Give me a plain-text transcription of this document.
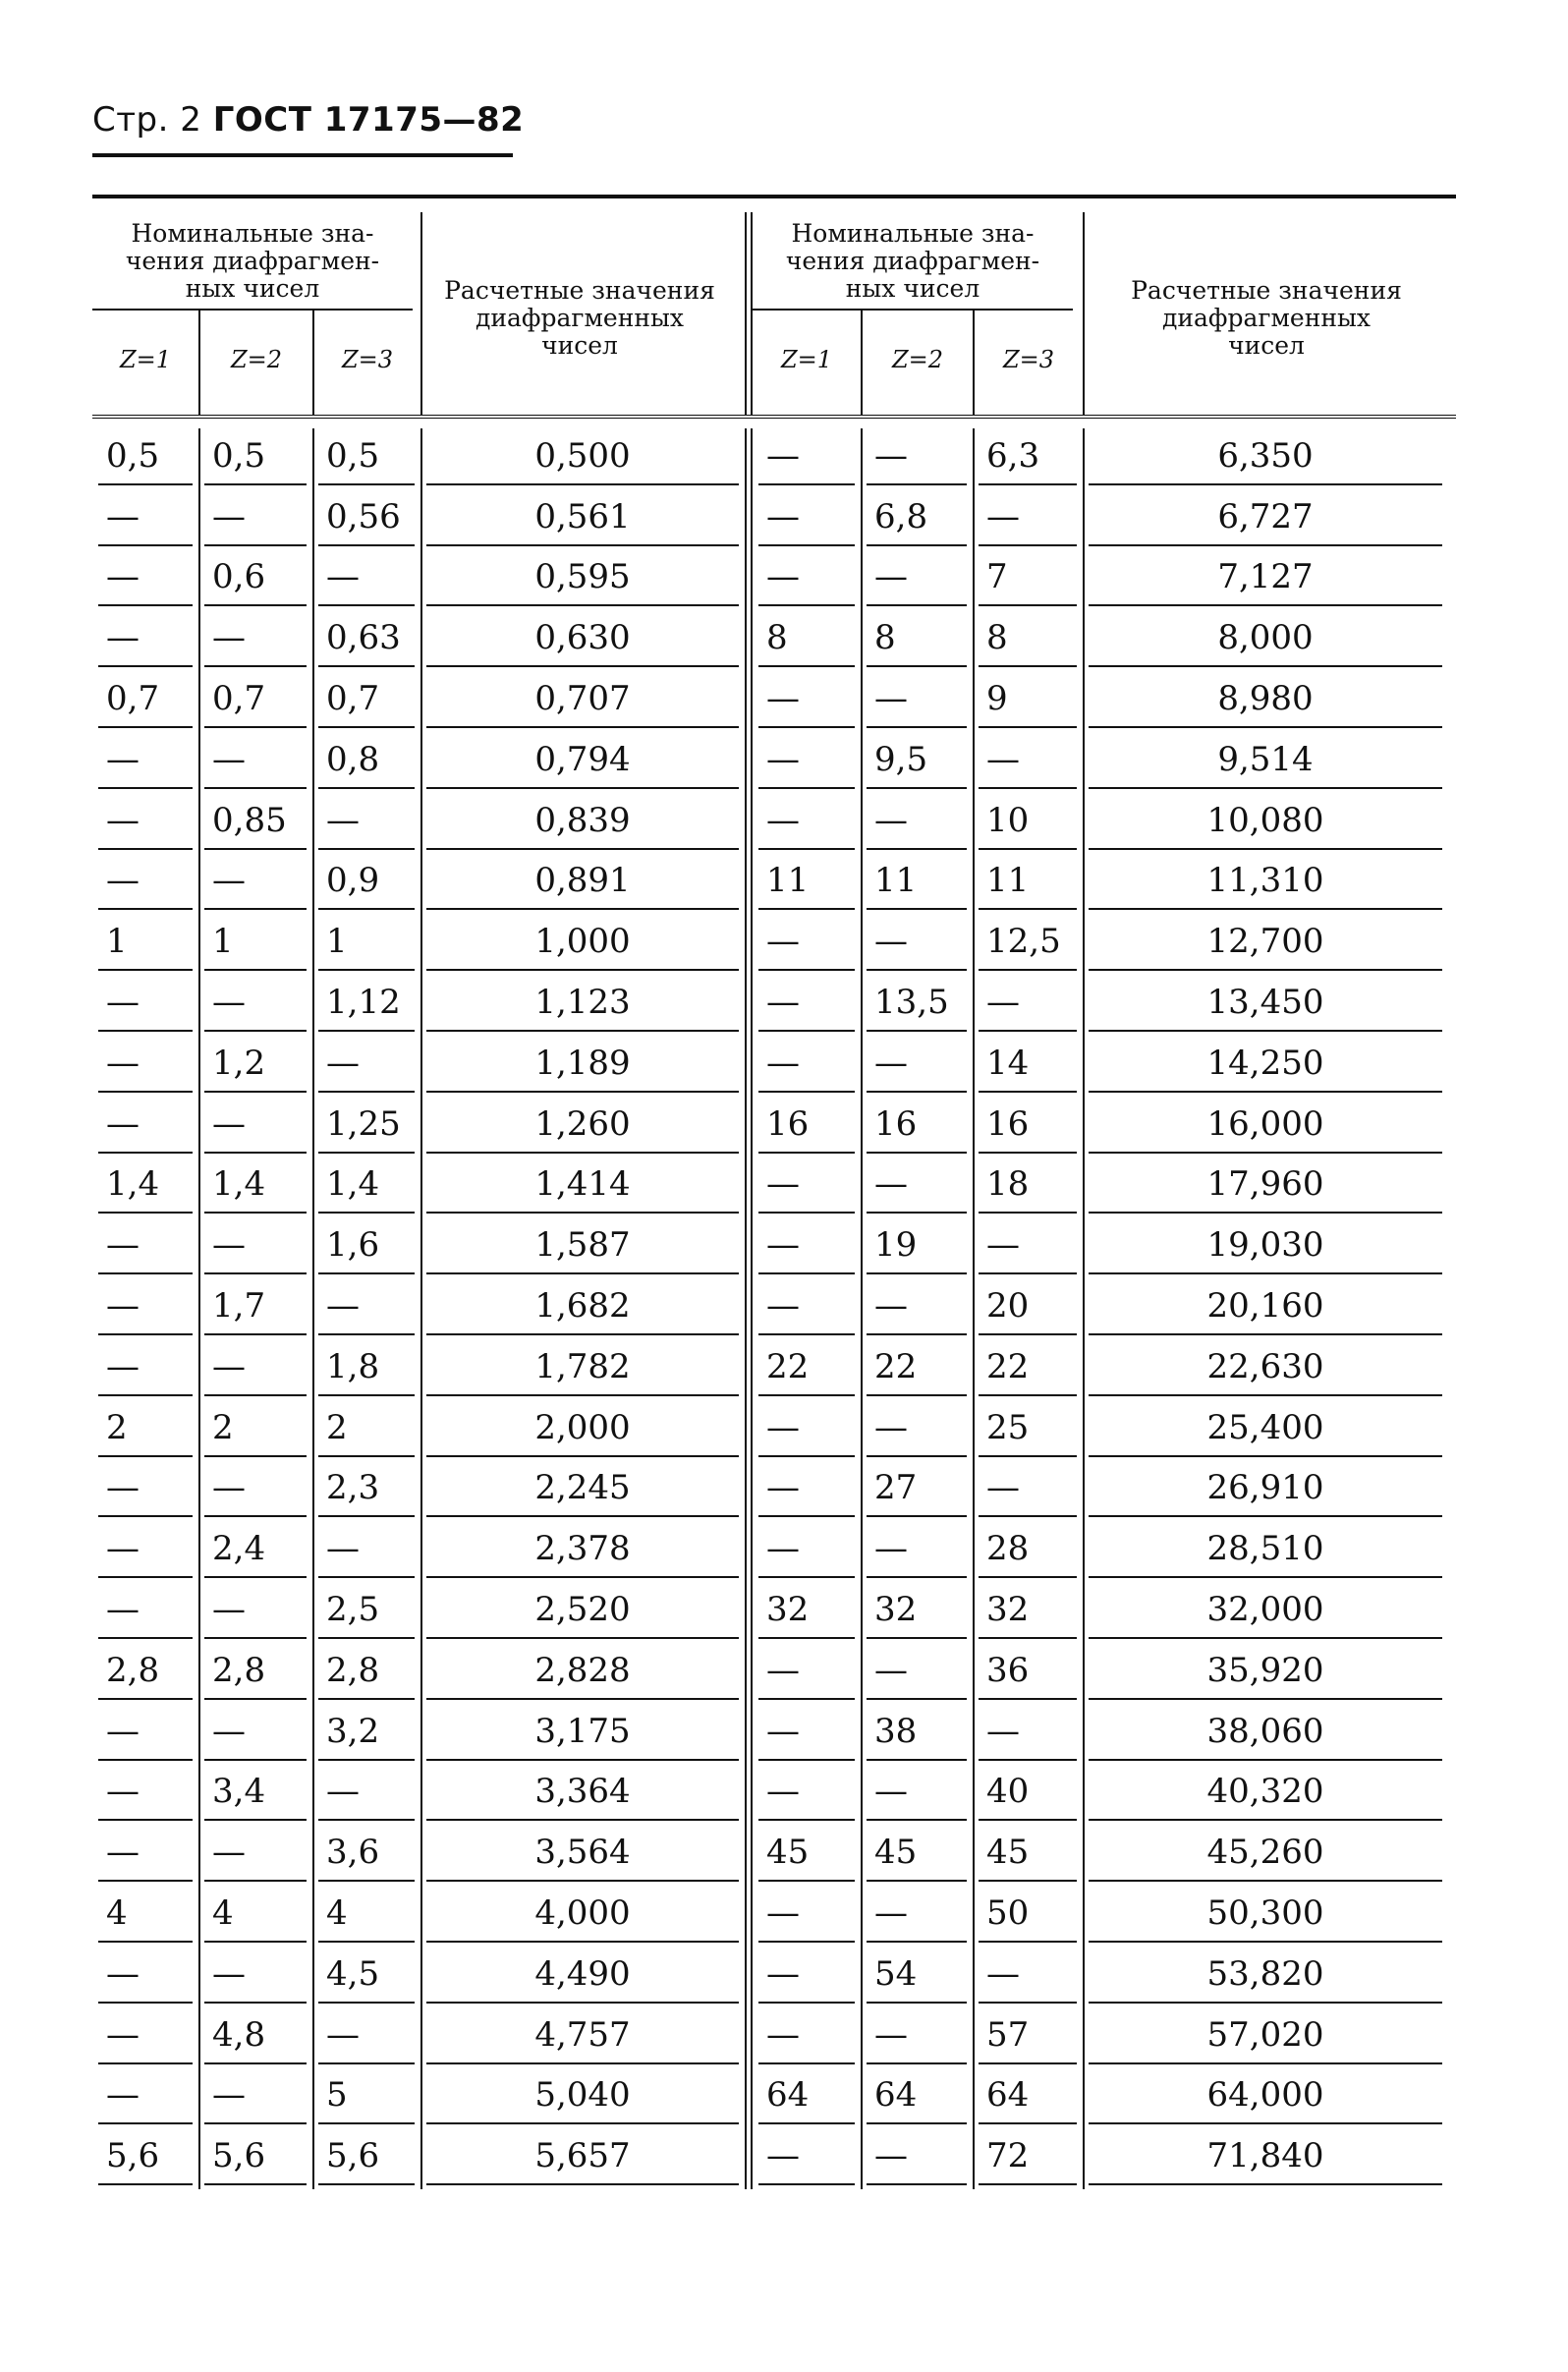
Стр. 2 ГОСТ 17175—82
Номинальные зна-
чения диафрагмен-
ных чисел
Z=1	Z=2	Z=3
Расчетные значения
диафрагменных
чисел
Номинальные зна-
чения диафрагмен-
ных чисел
Z=1	Z=2	Z=3
Расчетные значения
диафрагменных
чисел
0,5	0,5	0,5	0,500	—	—	6,3	6,350
—	—	0,56	0,561	—	6,8	—	6,727
—	0,6	—	0,595	—	—	7	7,127
—	—	0,63	0,630	8	8	8	8,000
0,7	0,7	0,7	0,707	—	—	9	8,980
—	—	0,8	0,794	—	9,5	—	9,514
—	0,85	—	0,839	—	—	10	10,080
—	—	0,9	0,891	11	11	11	11,310
1	1	1	1,000	—	—	12,5	12,700
—	—	1,12	1,123	—	13,5	—	13,450
—	1,2	—	1,189	—	—	14	14,250
—	—	1,25	1,260	16	16	16	16,000
1,4	1,4	1,4	1,414	—	—	18	17,960
—	—	1,6	1,587	—	19	—	19,030
—	1,7	—	1,682	—	—	20	20,160
—	—	1,8	1,782	22	22	22	22,630
2	2	2	2,000	—	—	25	25,400
—	—	2,3	2,245	—	27	—	26,910
—	2,4	—	2,378	—	—	28	28,510
—	—	2,5	2,520	32	32	32	32,000
2,8	2,8	2,8	2,828	—	—	36	35,920
—	—	3,2	3,175	—	38	—	38,060
—	3,4	—	3,364	—	—	40	40,320
—	—	3,6	3,564	45	45	45	45,260
4	4	4	4,000	—	—	50	50,300
—	—	4,5	4,490	—	54	—	53,820
—	4,8	—	4,757	—	—	57	57,020
—	—	5	5,040	64	64	64	64,000
5,6	5,6	5,6	5,657	—	—	72	71,840
